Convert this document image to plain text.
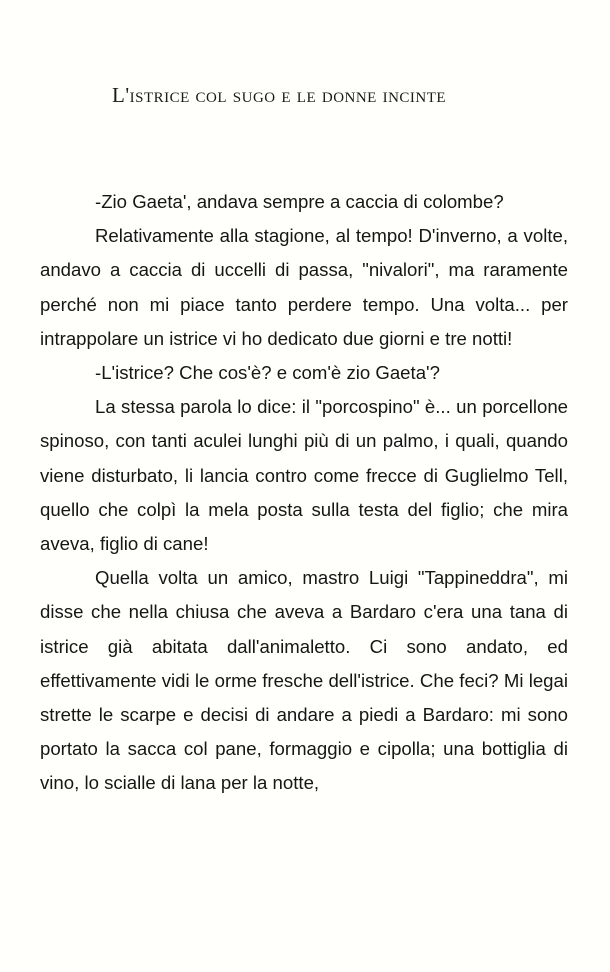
L'istrice col sugo e le donne incinte

-Zio Gaeta', andava sempre a caccia di colombe?

Relativamente alla stagione, al tempo! D'inverno, a volte, andavo a caccia di uccelli di passa, "nivalori", ma raramente perché non mi piace tanto perdere tempo. Una volta... per intrappolare un istrice vi ho dedicato due giorni e tre notti!

-L'istrice? Che cos'è? e com'è zio Gaeta'?

La stessa parola lo dice: il "porcospino" è... un porcellone spinoso, con tanti aculei lunghi più di un palmo, i quali, quando viene disturbato, li lancia contro come frecce di Guglielmo Tell, quello che colpì la mela posta sulla testa del figlio; che mira aveva, figlio di cane!

Quella volta un amico, mastro Luigi "Tappineddra", mi disse che nella chiusa che aveva a Bardaro c'era una tana di istrice già abitata dall'animaletto. Ci sono andato, ed effettivamente vidi le orme fresche dell'istrice. Che feci? Mi legai strette le scarpe e decisi di andare a piedi a Bardaro: mi sono portato la sacca col pane, formaggio e cipolla; una bottiglia di vino, lo scialle di lana per la notte,
